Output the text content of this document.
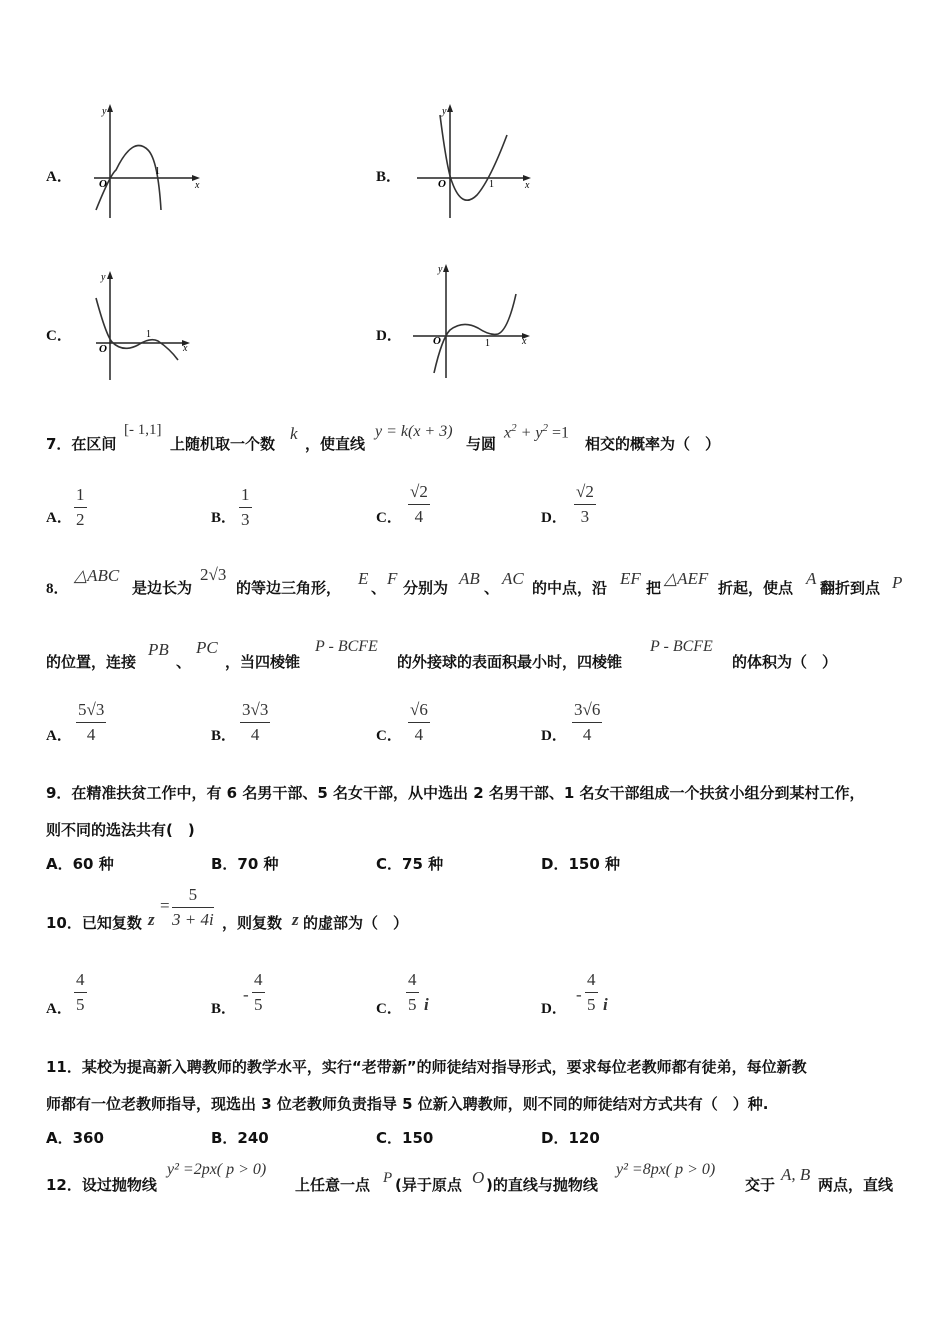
A．
y
x
O
1	B．
y
x
O	1
C．
y
x
O
1	D．
y
x
O	1
7．在区间
[- 1,1]
上随机取一个数
k
，使直线
y = k(x + 3)
与圆
$x^2 + y^2 =1$
相交的概率为（　）
A． $\frac{1}{2}$	B． $\frac{1}{3}$	C． $\frac{√2}{4}$	D． $\frac{√2}{3}$
8．
△ABC
是边长为
2√3
的等边三角形， E 、 F 分别为 AB 、 AC 的中点，沿 EF 把 △AEF 折起，使点 A 翻折到点 P
的位置，连接
PB
、
PC
，当四棱锥
P - BCFE
的外接球的表面积最小时，四棱锥
P - BCFE
的体积为（　）
A． $\frac{5√3}{4}$	B． $\frac{3√3}{4}$	C． $\frac{√6}{4}$	D． $\frac{3√6}{4}$
9．在精准扶贫工作中，有 6 名男干部、5 名女干部，从中选出 2 名男干部、1 名女干部组成一个扶贫小组分到某村工作，
则不同的选法共有(　)
A．60 种	B．70 种	C．75 种	D．150 种
10．已知复数 z
= $\frac{5}{3 + 4i}$ ，则复数 z 的虚部为（　）
A． $\frac{4}{5}$	B．
- $\frac{4}{5}$	C． $\frac{4}{5}$ i	D．
- $\frac{4}{5}$ i
11．某校为提高新入聘教师的教学水平，实行“老带新”的师徒结对指导形式，要求每位老教师都有徒弟，每位新教
师都有一位老教师指导，现选出 3 位老教师负责指导 5 位新入聘教师，则不同的师徒结对方式共有（　）种.
A．360	B．240	C．150	D．120
12．设过抛物线
y² =2px( p > 0)
上任意一点 P (异于原点 O )的直线与抛物线
y² =8px( p > 0)
交于
A, B
两点，直线
